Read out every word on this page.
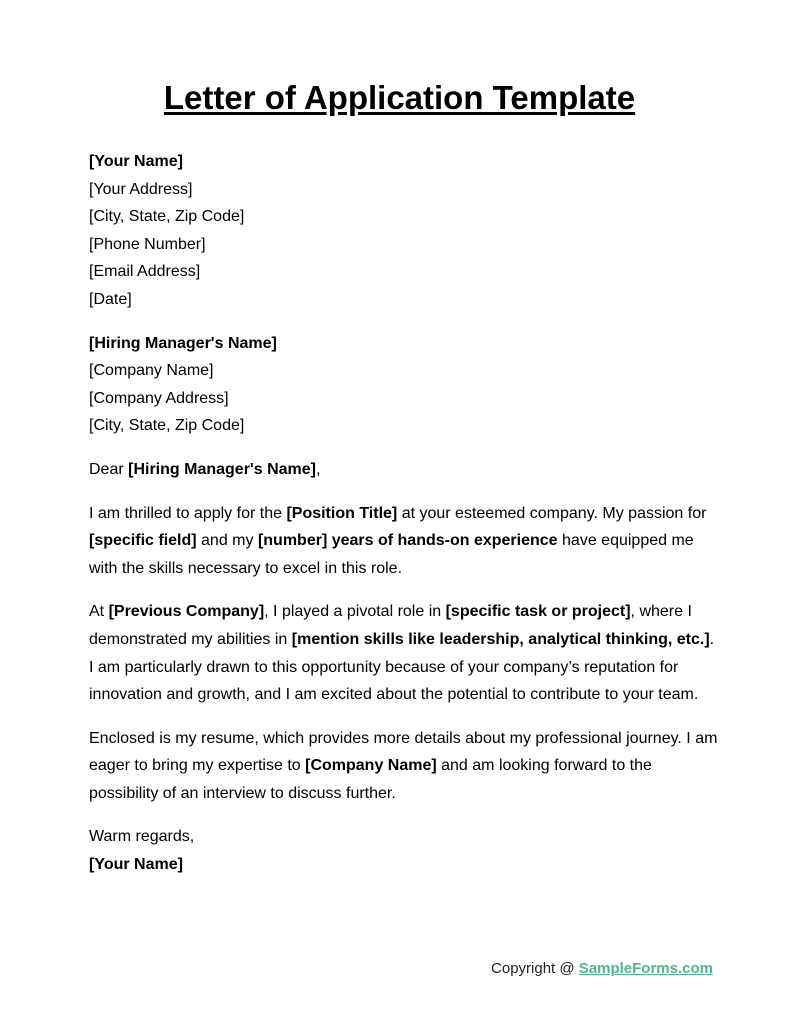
Letter of Application Template
[Your Name]
[Your Address]
[City, State, Zip Code]
[Phone Number]
[Email Address]
[Date]
[Hiring Manager's Name]
[Company Name]
[Company Address]
[City, State, Zip Code]

Dear [Hiring Manager's Name],

I am thrilled to apply for the [Position Title] at your esteemed company. My passion for [specific field] and my [number] years of hands-on experience have equipped me with the skills necessary to excel in this role.

At [Previous Company], I played a pivotal role in [specific task or project], where I demonstrated my abilities in [mention skills like leadership, analytical thinking, etc.]. I am particularly drawn to this opportunity because of your company’s reputation for innovation and growth, and I am excited about the potential to contribute to your team.

Enclosed is my resume, which provides more details about my professional journey. I am eager to bring my expertise to [Company Name] and am looking forward to the possibility of an interview to discuss further.

Warm regards,
[Your Name]
Copyright @ SampleForms.com
